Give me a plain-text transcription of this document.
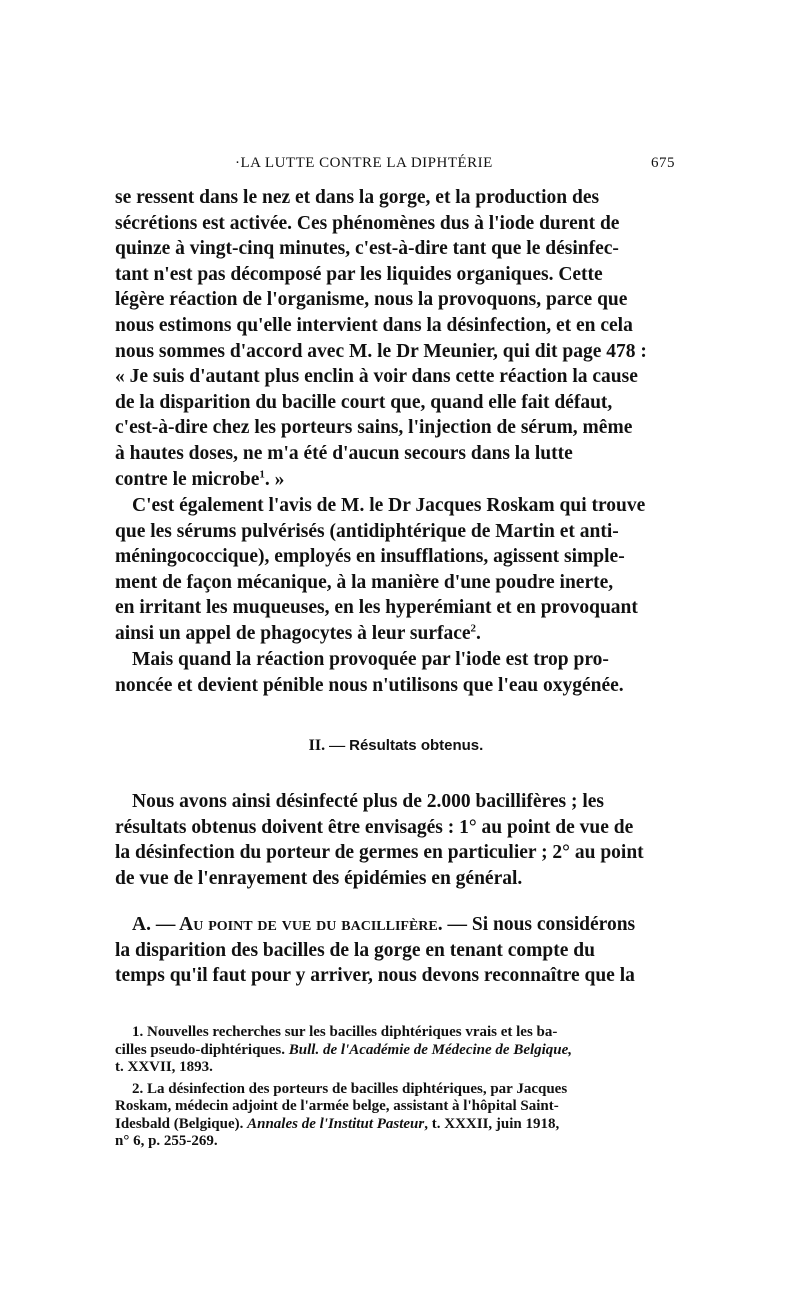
·LA LUTTE CONTRE LA DIPHTÉRIE	675

se ressent dans le nez et dans la gorge, et la production des

sécrétions est activée. Ces phénomènes dus à l'iode durent de

quinze à vingt-cinq minutes, c'est-à-dire tant que le désinfec-

tant n'est pas décomposé par les liquides organiques. Cette

légère réaction de l'organisme, nous la provoquons, parce que

nous estimons qu'elle intervient dans la désinfection, et en cela

nous sommes d'accord avec M. le Dr Meunier, qui dit page 478 :

« Je suis d'autant plus enclin à voir dans cette réaction la cause

de la disparition du bacille court que, quand elle fait défaut,

c'est-à-dire chez les porteurs sains, l'injection de sérum, même

à hautes doses, ne m'a été d'aucun secours dans la lutte

contre le microbe$^1$. »

C'est également l'avis de M. le Dr Jacques Roskam qui trouve

que les sérums pulvérisés (antidiphtérique de Martin et anti-

méningococcique), employés en insufflations, agissent simple-

ment de façon mécanique, à la manière d'une poudre inerte,

en irritant les muqueuses, en les hyperémiant et en provoquant

ainsi un appel de phagocytes à leur surface$^2$.

Mais quand la réaction provoquée par l'iode est trop pro-

noncée et devient pénible nous n'utilisons que l'eau oxygénée.

II. — Résultats obtenus.

Nous avons ainsi désinfecté plus de 2.000 bacillifères ; les

résultats obtenus doivent être envisagés : 1° au point de vue de

la désinfection du porteur de germes en particulier ; 2° au point

de vue de l'enrayement des épidémies en général.

A. — Au point de vue du bacillifère. — Si nous considérons

la disparition des bacilles de la gorge en tenant compte du

temps qu'il faut pour y arriver, nous devons reconnaître que la

1. Nouvelles recherches sur les bacilles diphtériques vrais et les ba-

cilles pseudo-diphtériques. Bull. de l'Académie de Médecine de Belgique,

t. XXVII, 1893.

2. La désinfection des porteurs de bacilles diphtériques, par Jacques

Roskam, médecin adjoint de l'armée belge, assistant à l'hôpital Saint-

Idesbald (Belgique). Annales de l'Institut Pasteur, t. XXXII, juin 1918,

n° 6, p. 255-269.
